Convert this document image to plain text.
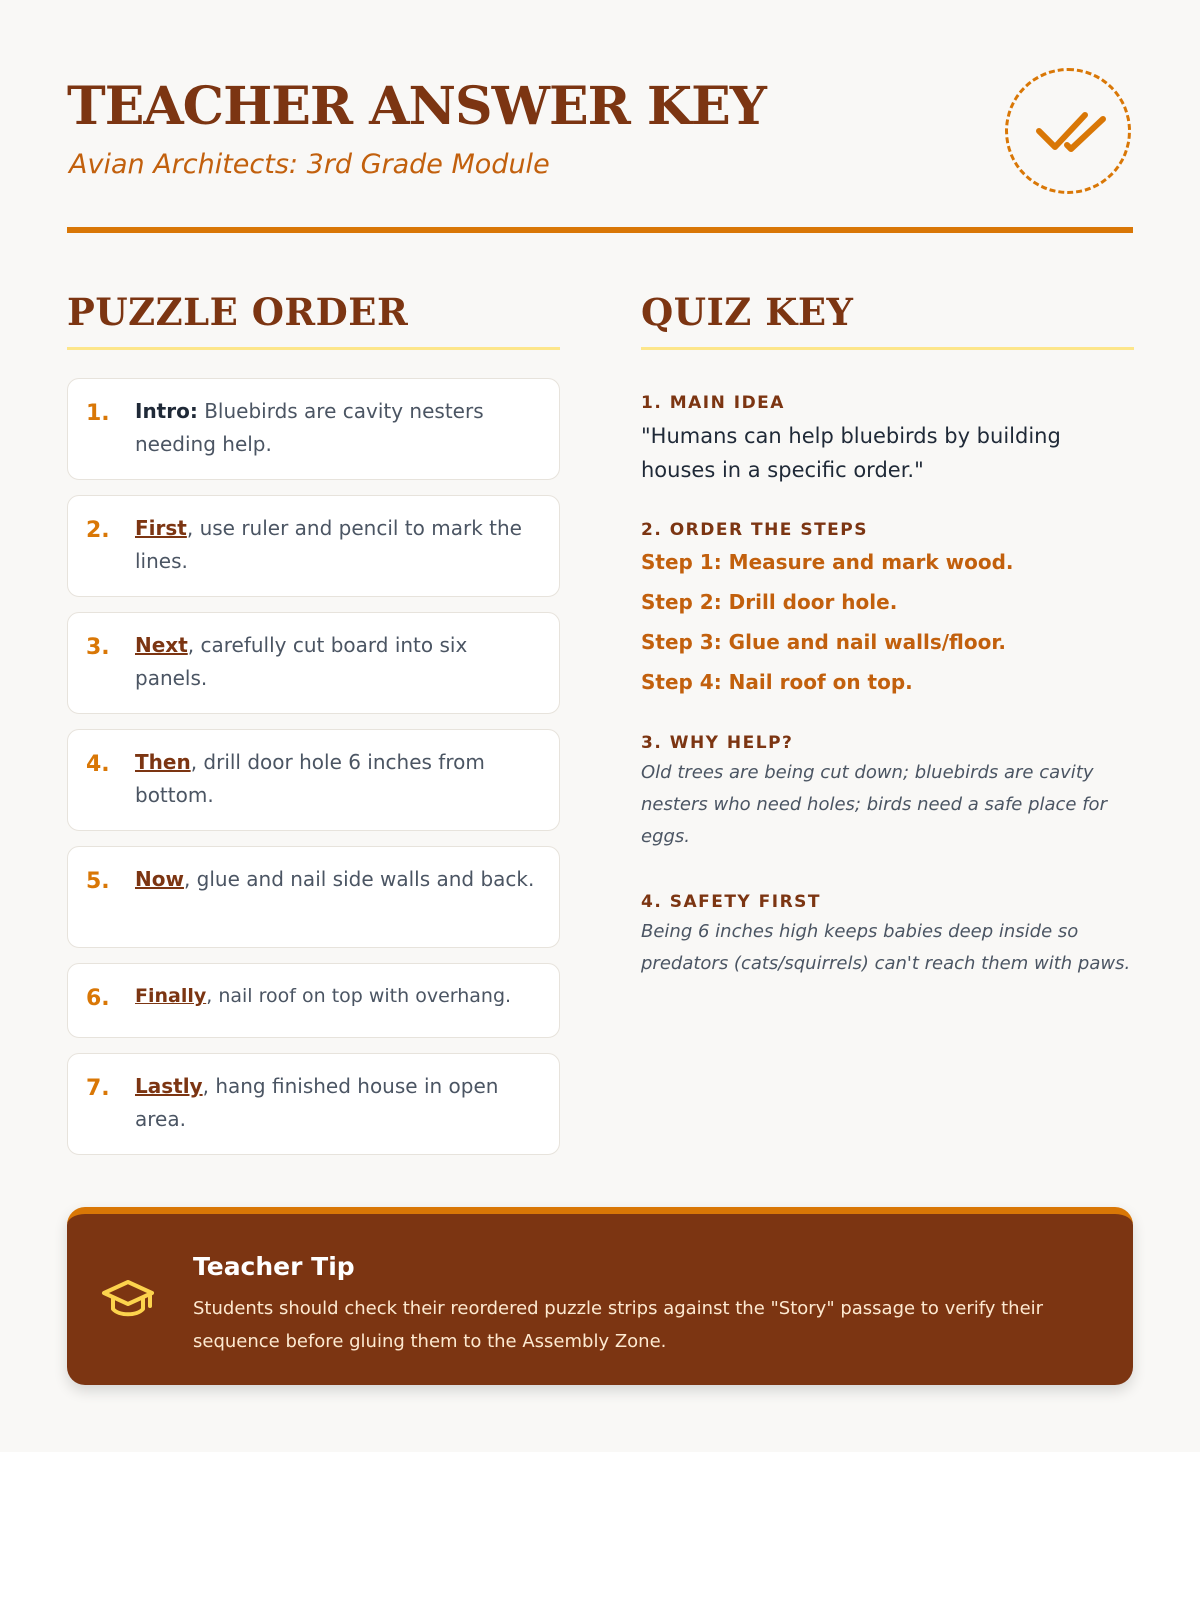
TEACHER ANSWER KEY
Avian Architects: 3rd Grade Module
PUZZLE ORDER
1. Intro: Bluebirds are cavity nesters needing help.
2. First, use ruler and pencil to mark the lines.
3. Next, carefully cut board into six panels.
4. Then, drill door hole 6 inches from bottom.
5. Now, glue and nail side walls and back.
6. Finally, nail roof on top with overhang.
7. Lastly, hang finished house in open area.
QUIZ KEY
1. MAIN IDEA
"Humans can help bluebirds by building houses in a specific order."
2. ORDER THE STEPS
Step 1: Measure and mark wood.
Step 2: Drill door hole.
Step 3: Glue and nail walls/floor.
Step 4: Nail roof on top.
3. WHY HELP?
Old trees are being cut down; bluebirds are cavity nesters who need holes; birds need a safe place for eggs.
4. SAFETY FIRST
Being 6 inches high keeps babies deep inside so predators (cats/squirrels) can't reach them with paws.
Teacher Tip
Students should check their reordered puzzle strips against the "Story" passage to verify their sequence before gluing them to the Assembly Zone.
